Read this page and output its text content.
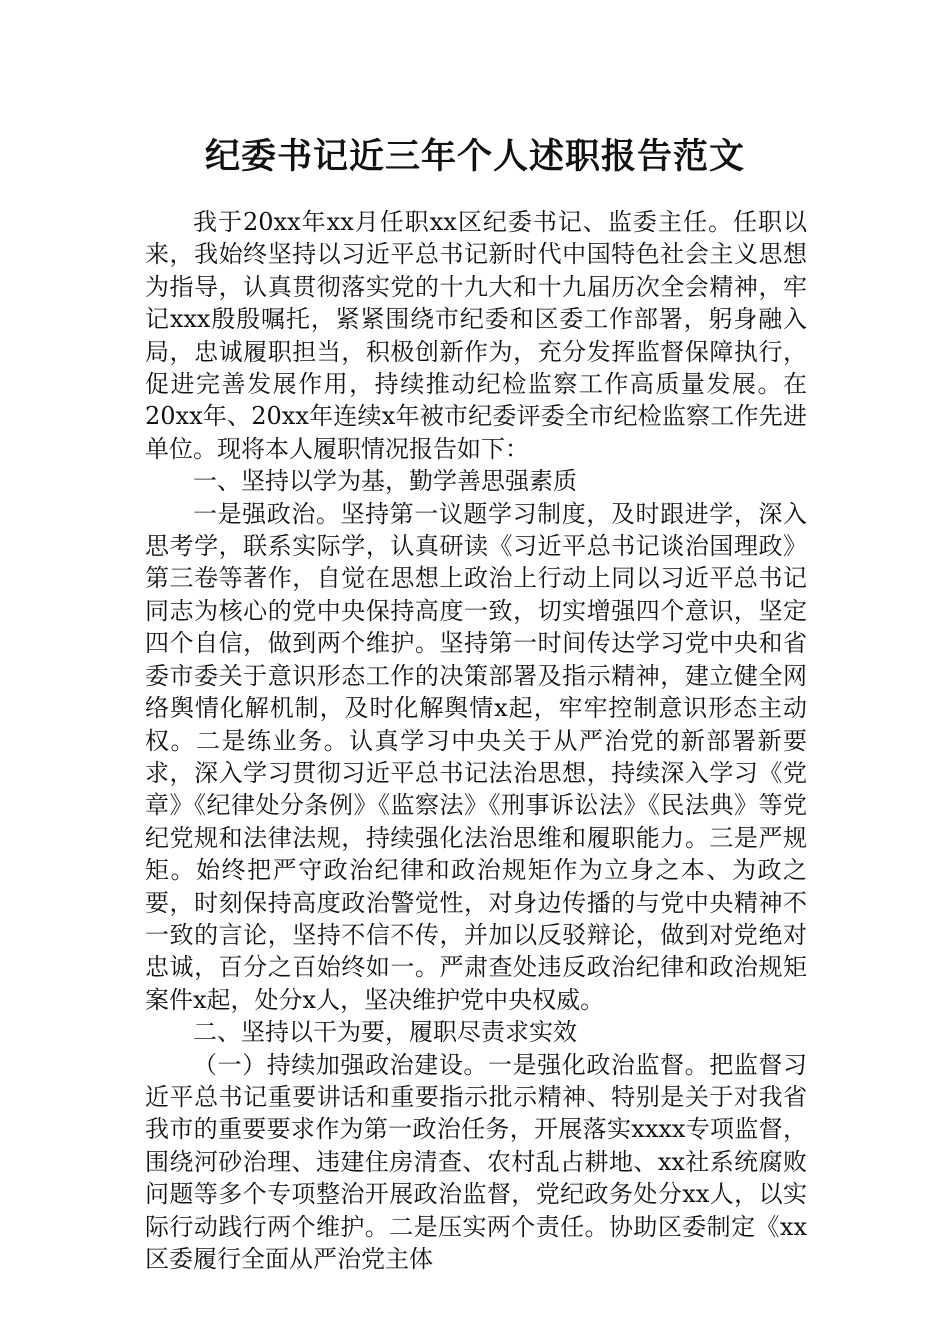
纪委书记近三年个人述职报告范文

我于20xx年xx月任职xx区纪委书记、监委主任。任职以来，我始终坚持以习近平总书记新时代中国特色社会主义思想为指导，认真贯彻落实党的十九大和十九届历次全会精神，牢记xxx殷殷嘱托，紧紧围绕市纪委和区委工作部署，躬身融入局，忠诚履职担当，积极创新作为，充分发挥监督保障执行，促进完善发展作用，持续推动纪检监察工作高质量发展。在20xx年、20xx年连续x年被市纪委评委全市纪检监察工作先进单位。现将本人履职情况报告如下：

一、坚持以学为基，勤学善思强素质

一是强政治。坚持第一议题学习制度，及时跟进学，深入思考学，联系实际学，认真研读《习近平总书记谈治国理政》第三卷等著作，自觉在思想上政治上行动上同以习近平总书记同志为核心的党中央保持高度一致，切实增强四个意识，坚定四个自信，做到两个维护。坚持第一时间传达学习党中央和省委市委关于意识形态工作的决策部署及指示精神，建立健全网络舆情化解机制，及时化解舆情x起，牢牢控制意识形态主动权。二是练业务。认真学习中央关于从严治党的新部署新要求，深入学习贯彻习近平总书记法治思想，持续深入学习《党章》《纪律处分条例》《监察法》《刑事诉讼法》《民法典》等党纪党规和法律法规，持续强化法治思维和履职能力。三是严规矩。始终把严守政治纪律和政治规矩作为立身之本、为政之要，时刻保持高度政治警觉性，对身边传播的与党中央精神不一致的言论，坚持不信不传，并加以反驳辩论，做到对党绝对忠诚，百分之百始终如一。严肃查处违反政治纪律和政治规矩案件x起，处分x人，坚决维护党中央权威。

二、坚持以干为要，履职尽责求实效

（一）持续加强政治建设。一是强化政治监督。把监督习近平总书记重要讲话和重要指示批示精神、特别是关于对我省我市的重要要求作为第一政治任务，开展落实xxxx专项监督，围绕河砂治理、违建住房清查、农村乱占耕地、xx社系统腐败问题等多个专项整治开展政治监督，党纪政务处分xx人，以实际行动践行两个维护。二是压实两个责任。协助区委制定《xx区委履行全面从严治党主体
